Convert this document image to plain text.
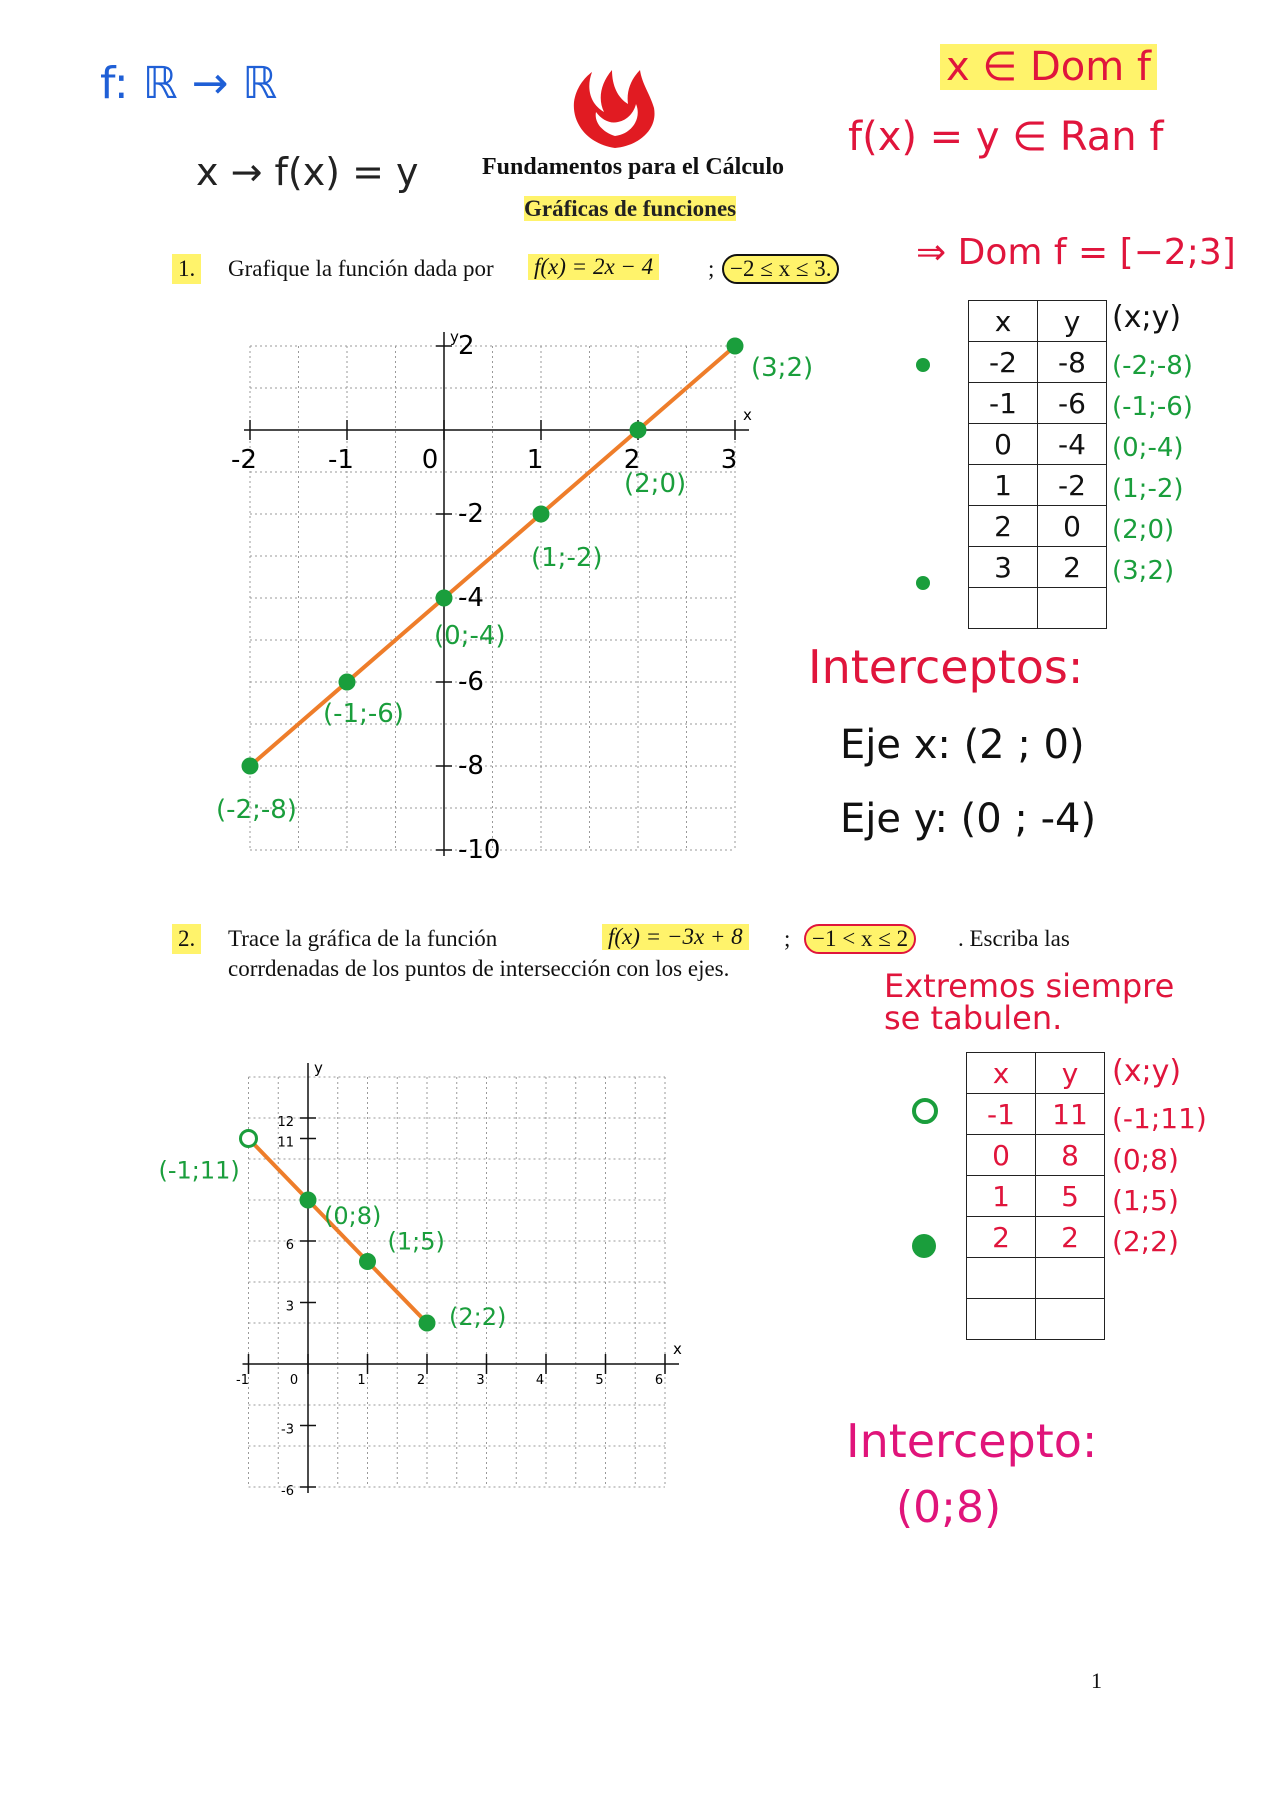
f: ℝ → ℝ
x → f(x) = y	Fundamentos para el Cálculo
Gráficas de funciones
x ∈ Dom f
f(x) = y ∈ Ran f
1. Grafique la función dada por f(x) = 2x − 4 ; −2 ≤ x ≤ 3. ⇒ Dom f = [−2;3]
x
y
-2	-1	0	1	2	3
2
-2
-4
-6
-8
-10
(-2;-8)
(-1;-6)
(0;-4)
(1;-2)
(2;0)
(3;2)
x	y
-2	-8
-1	-6
0	-4
1	-2
2	0
3	2

(x;y)
(-2;-8)
(-1;-6)
(0;-4)
(1;-2)
(2;0)
(3;2)
Interceptos:
Eje x: (2 ; 0)
Eje y: (0 ; -4)
2. Trace la gráfica de la función	f(x) = −3x + 8 ; −1 < x ≤ 2	. Escriba las
corrdenadas de los puntos de intersección con los ejes.	Extremos siempre se tabulen.
x
y
-1	0	1	2	3	4	5	6
12
11
6
3
-3
-6
(-1;11)
(0;8)
(1;5)
(2;2)
x	y
-1	11
0	8
1	5
2	2

(x;y)
(-1;11)
(0;8)
(1;5)
(2;2)
Intercepto:
(0;8)
1
